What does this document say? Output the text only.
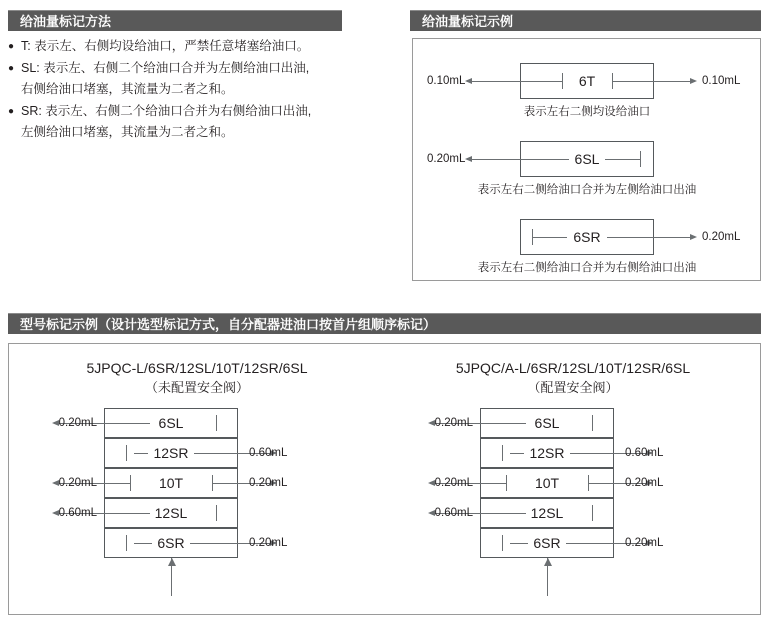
给油量标记方法	给油量标记示例
型号标记示例（设计选型标记方式，自分配器进油口按首片组顺序标记）
● T: 表示左、右侧均设给油口，严禁任意堵塞给油口。
● SL: 表示左、右侧二个给油口合并为左侧给油口出油,
右侧给油口堵塞，其流量为二者之和。
● SR: 表示左、右侧二个给油口合并为右侧给油口出油,
左侧给油口堵塞，其流量为二者之和。
0.10mL	0.10mL
6T
表示左右二侧均设给油口
0.20mL	6SL
表示左右二侧给油口合并为左侧给油口出油
0.20mL
6SR
表示左右二侧给油口合并为右侧给油口出油
5JPQC-L/6SR/12SL/10T/12SR/6SL
（未配置安全阀）
0.20mL	6SL
0.60mL
12SR
0.20mL	0.20mL
10T
0.60mL	12SL
0.20mL
6SR
5JPQC/A-L/6SR/12SL/10T/12SR/6SL
（配置安全阀）
0.20mL	6SL
0.60mL
12SR
0.20mL	0.20mL
10T
0.60mL	12SL
0.20mL
6SR
